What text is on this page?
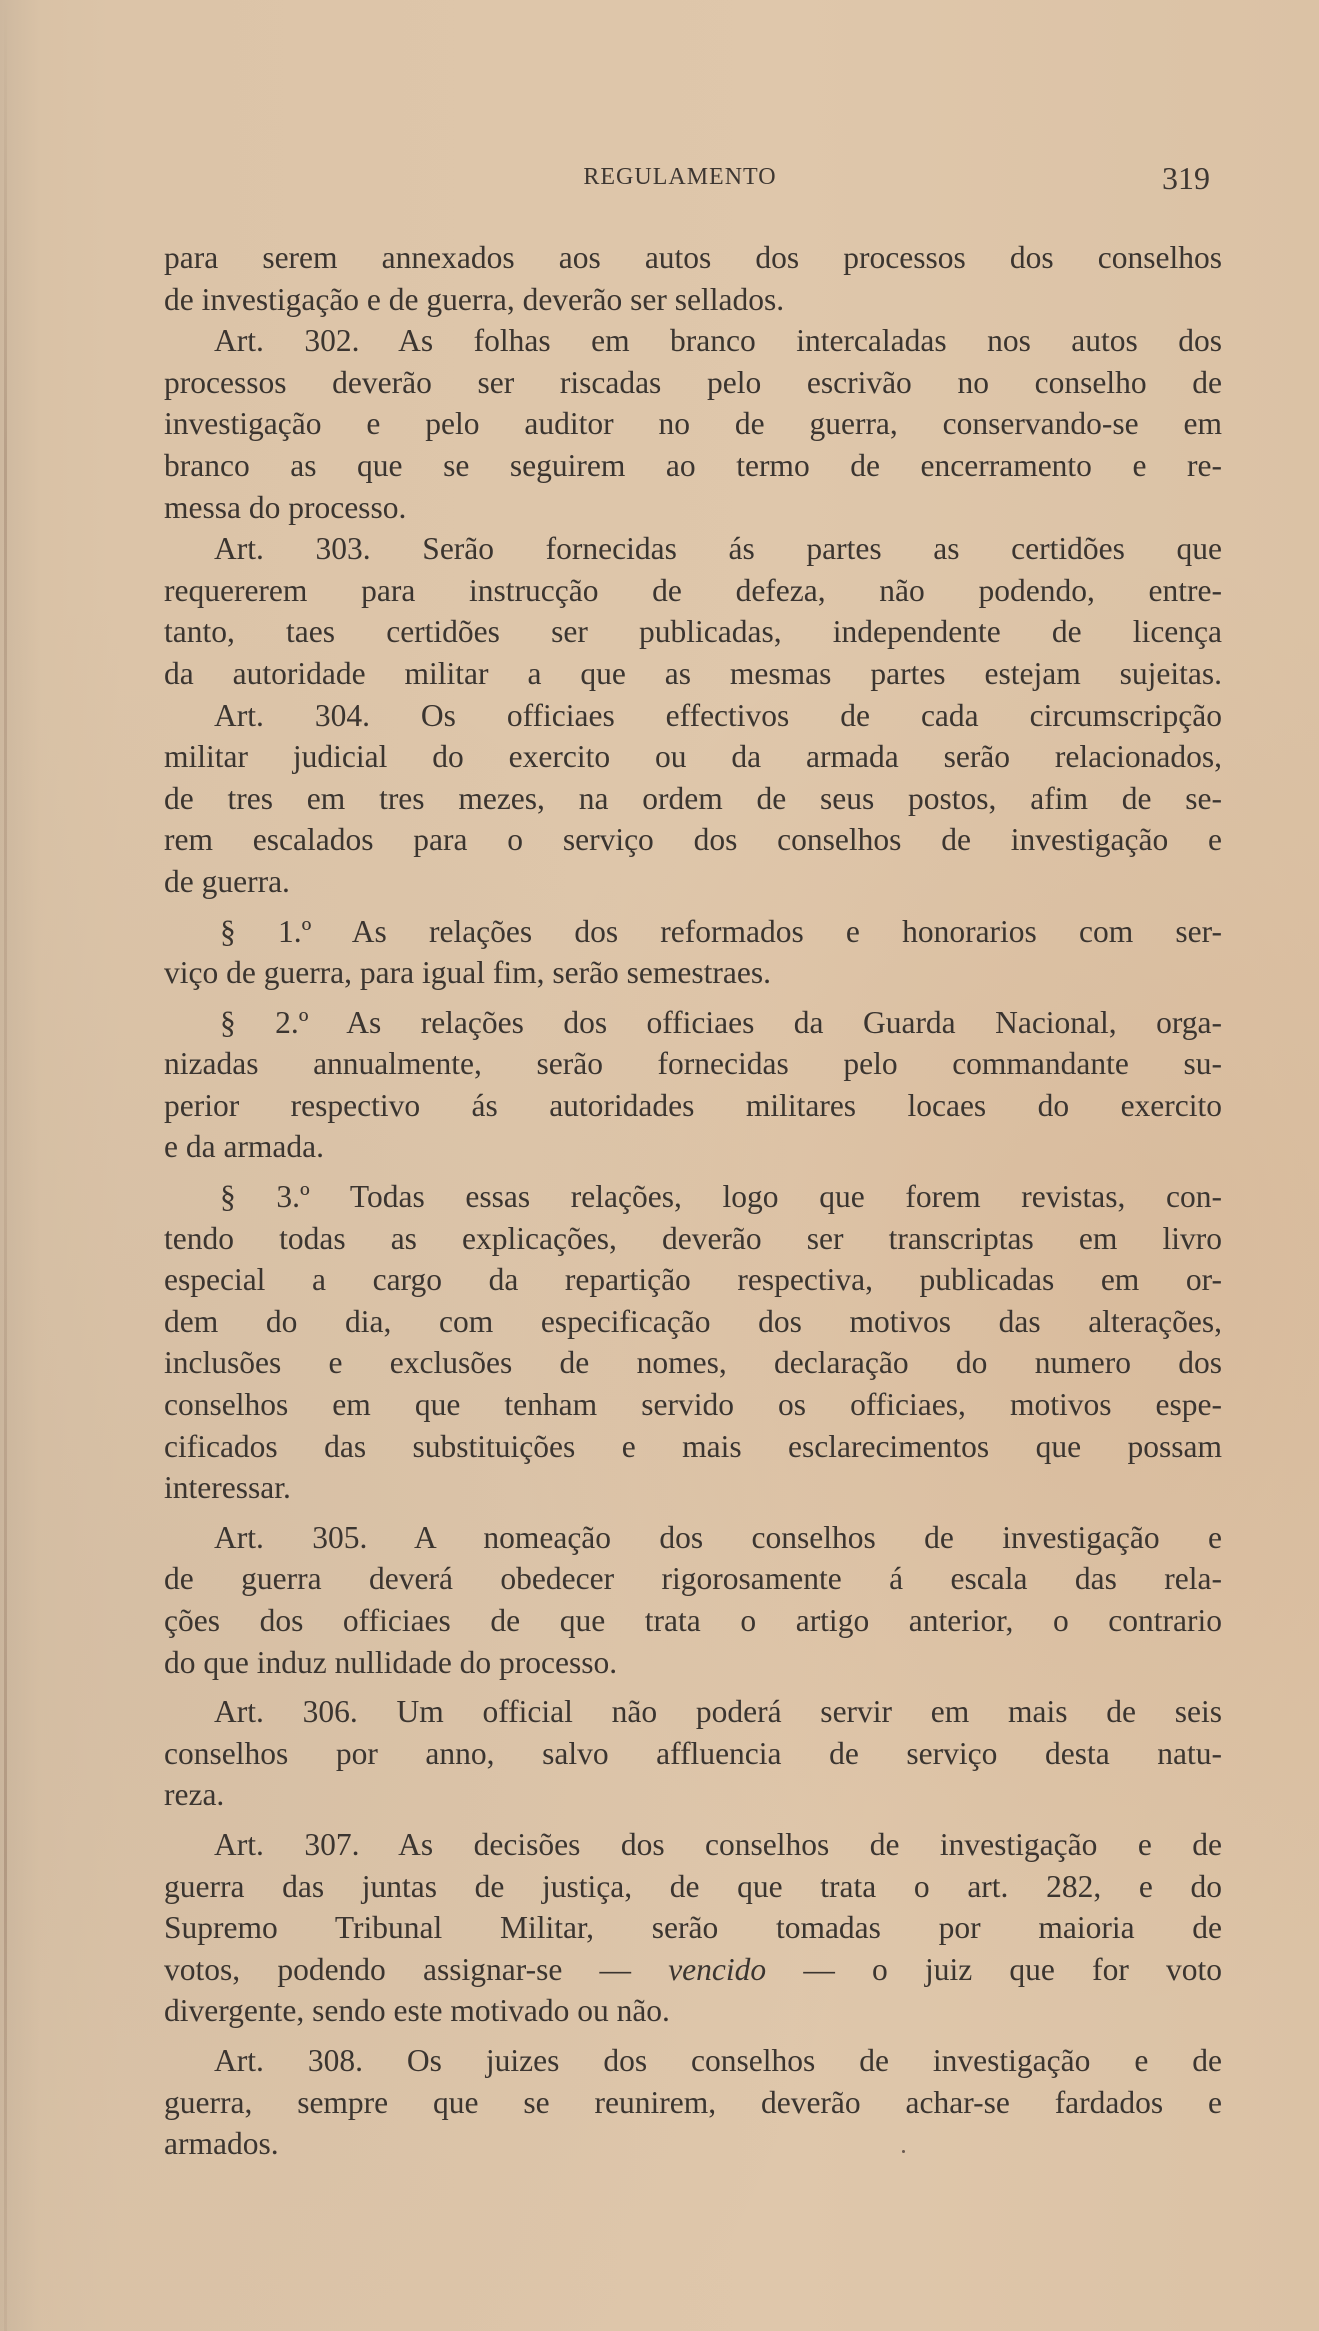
REGULAMENTO	319
para serem annexados aos autos dos processos dos conselhos
de investigação e de guerra, deverão ser sellados.
Art. 302. As folhas em branco intercaladas nos autos dos
processos deverão ser riscadas pelo escrivão no conselho de
investigação e pelo auditor no de guerra, conservando-se em
branco as que se seguirem ao termo de encerramento e re-
messa do processo.
Art. 303. Serão fornecidas ás partes as certidões que
requererem para instrucção de defeza, não podendo, entre-
tanto, taes certidões ser publicadas, independente de licença
da autoridade militar a que as mesmas partes estejam sujeitas.
Art. 304. Os officiaes effectivos de cada circumscripção
militar judicial do exercito ou da armada serão relacionados,
de tres em tres mezes, na ordem de seus postos, afim de se-
rem escalados para o serviço dos conselhos de investigação e
de guerra.
§ 1.º As relações dos reformados e honorarios com ser-
viço de guerra, para igual fim, serão semestraes.
§ 2.º As relações dos officiaes da Guarda Nacional, orga-
nizadas annualmente, serão fornecidas pelo commandante su-
perior respectivo ás autoridades militares locaes do exercito
e da armada.
§ 3.º Todas essas relações, logo que forem revistas, con-
tendo todas as explicações, deverão ser transcriptas em livro
especial a cargo da repartição respectiva, publicadas em or-
dem do dia, com especificação dos motivos das alterações,
inclusões e exclusões de nomes, declaração do numero dos
conselhos em que tenham servido os officiaes, motivos espe-
cificados das substituições e mais esclarecimentos que possam
interessar.
Art. 305. A nomeação dos conselhos de investigação e
de guerra deverá obedecer rigorosamente á escala das rela-
ções dos officiaes de que trata o artigo anterior, o contrario
do que induz nullidade do processo.
Art. 306. Um official não poderá servir em mais de seis
conselhos por anno, salvo affluencia de serviço desta natu-
reza.
Art. 307. As decisões dos conselhos de investigação e de
guerra das juntas de justiça, de que trata o art. 282, e do
Supremo Tribunal Militar, serão tomadas por maioria de
votos, podendo assignar-se — vencido — o juiz que for voto
divergente, sendo este motivado ou não.
Art. 308. Os juizes dos conselhos de investigação e de
guerra, sempre que se reunirem, deverão achar-se fardados e
armados.
